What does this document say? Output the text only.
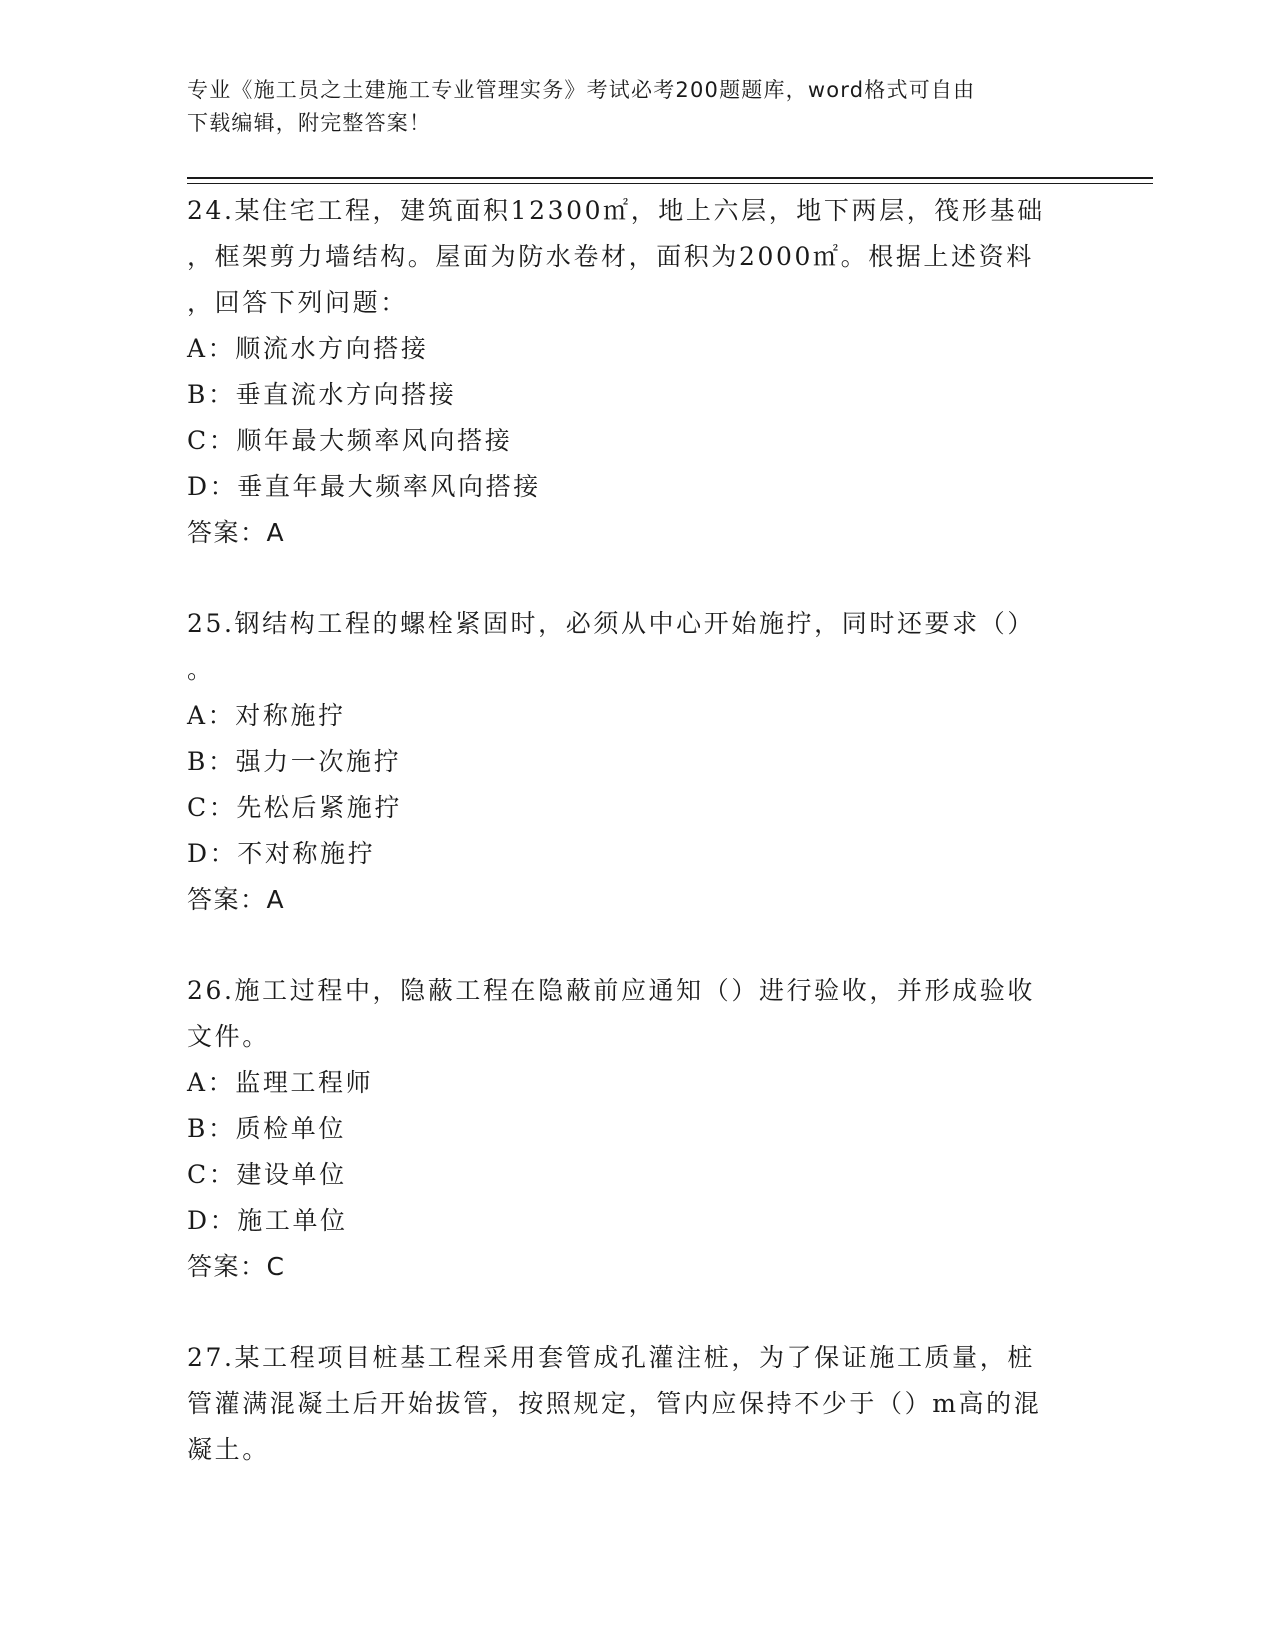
专业《施工员之土建施工专业管理实务》考试必考200题题库，word格式可自由
下载编辑，附完整答案！

24.某住宅工程，建筑面积12300㎡，地上六层，地下两层，筏形基础

，框架剪力墙结构。屋面为防水卷材，面积为2000㎡。根据上述资料

，回答下列问题：

A：顺流水方向搭接

B：垂直流水方向搭接

C：顺年最大频率风向搭接

D：垂直年最大频率风向搭接

答案：A

25.钢结构工程的螺栓紧固时，必须从中心开始施拧，同时还要求（）

。

A：对称施拧

B：强力一次施拧

C：先松后紧施拧

D：不对称施拧

答案：A

26.施工过程中，隐蔽工程在隐蔽前应通知（）进行验收，并形成验收

文件。

A：监理工程师

B：质检单位

C：建设单位

D：施工单位

答案：C

27.某工程项目桩基工程采用套管成孔灌注桩，为了保证施工质量，桩

管灌满混凝土后开始拔管，按照规定，管内应保持不少于（）m高的混

凝土。
